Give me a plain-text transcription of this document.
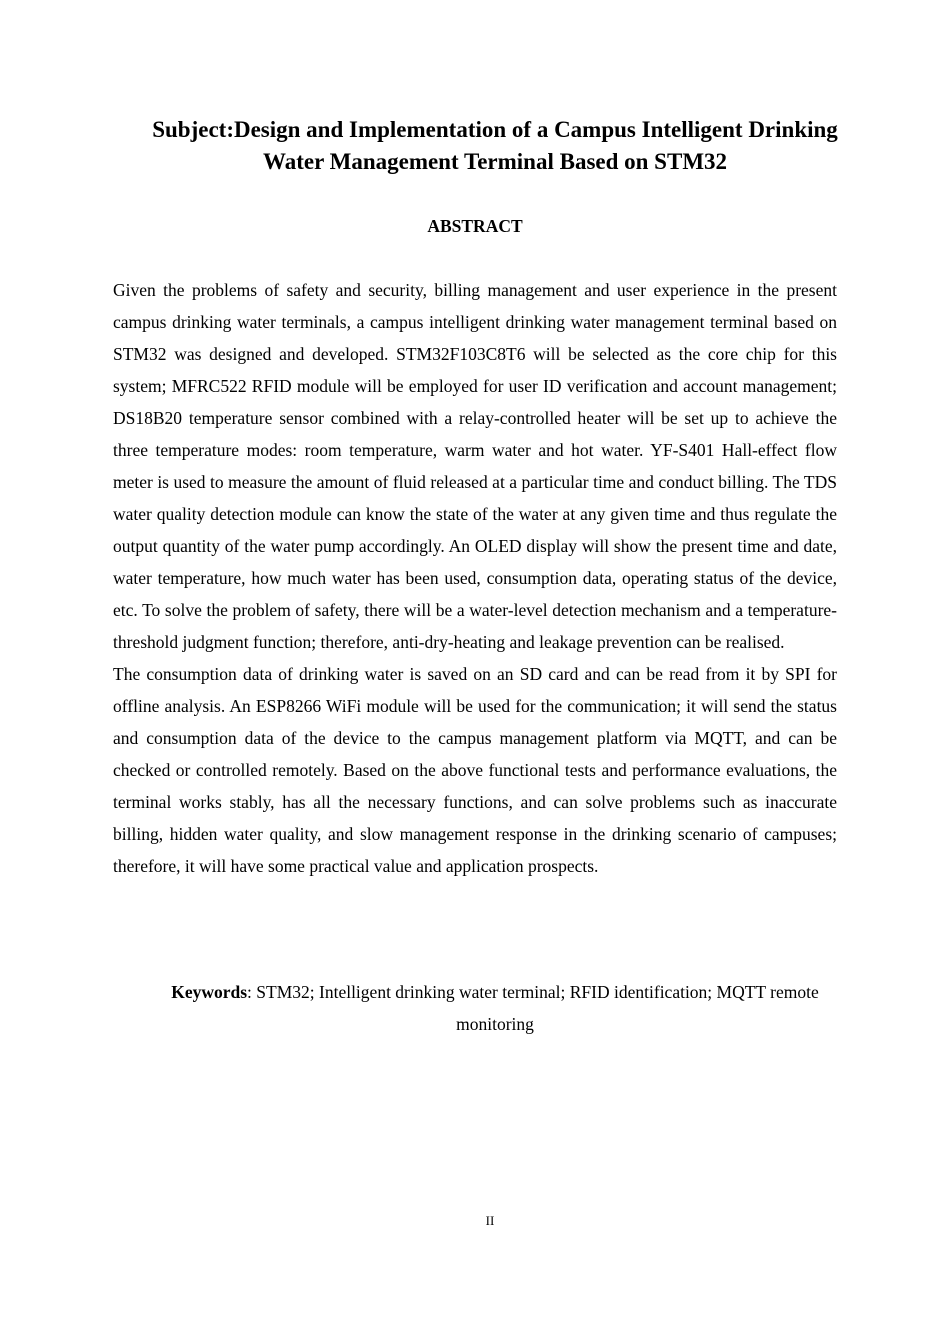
Subject:Design and Implementation of a Campus Intelligent Drinking Water Management Terminal Based on STM32
ABSTRACT

Given the problems of safety and security, billing management and user experience in the present campus drinking water terminals, a campus intelligent drinking water management terminal based on STM32 was designed and developed. STM32F103C8T6 will be selected as the core chip for this system; MFRC522 RFID module will be employed for user ID verification and account management; DS18B20 temperature sensor combined with a relay-controlled heater will be set up to achieve the three temperature modes: room temperature, warm water and hot water. YF-S401 Hall-effect flow meter is used to measure the amount of fluid released at a particular time and conduct billing. The TDS water quality detection module can know the state of the water at any given time and thus regulate the output quantity of the water pump accordingly. An OLED display will show the present time and date, water temperature, how much water has been used, consumption data, operating status of the device, etc. To solve the problem of safety, there will be a water-level detection mechanism and a temperature-threshold judgment function; therefore, anti-dry-heating and leakage prevention can be realised.

The consumption data of drinking water is saved on an SD card and can be read from it by SPI for offline analysis. An ESP8266 WiFi module will be used for the communication; it will send the status and consumption data of the device to the campus management platform via MQTT, and can be checked or controlled remotely. Based on the above functional tests and performance evaluations, the terminal works stably, has all the necessary functions, and can solve problems such as inaccurate billing, hidden water quality, and slow management response in the drinking scenario of campuses; therefore, it will have some practical value and application prospects.

Keywords: STM32; Intelligent drinking water terminal; RFID identification; MQTT remote monitoring
II
